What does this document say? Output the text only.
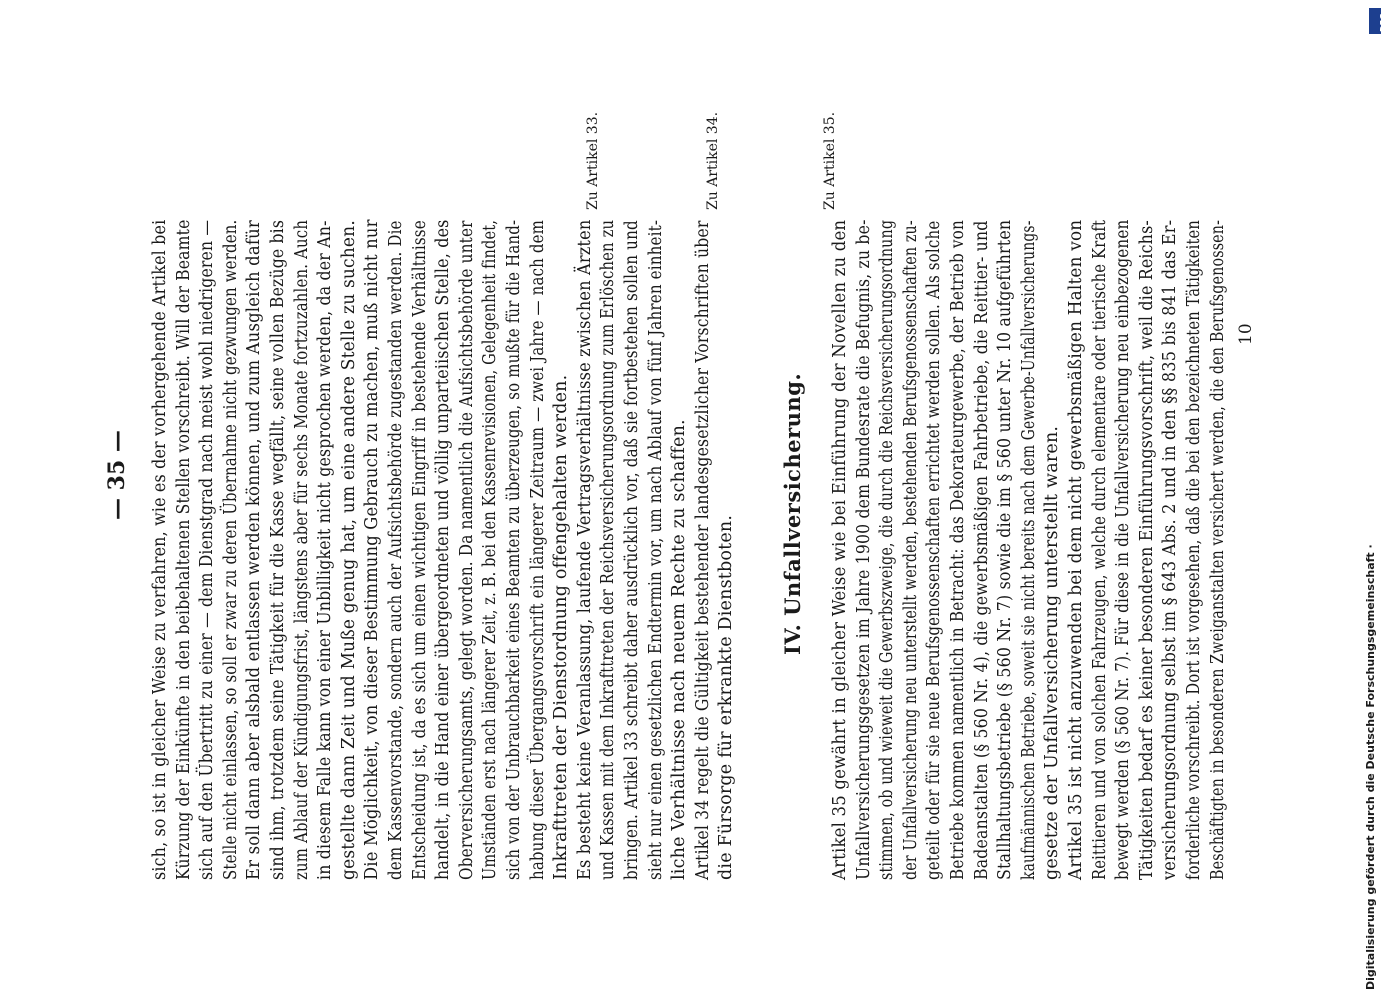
sich, so ist in gleicher Weise zu verfahren, wie es der vorhergehende Artikel bei Kürzung der Einkünfte in den beibehaltenen Stellen vorschreibt. Will der Beamte sich auf den Übertritt zu einer — dem Dienstgrad nach meist wohl niedrigeren — Stelle nicht einlassen, so soll er zwar zu deren Übernahme nicht gezwungen werden. Er soll dann aber alsbald entlassen werden können, und zum Ausgleich dafür sind ihm, trotzdem seine Tätigkeit für die Kasse wegfällt, seine vollen Bezüge bis zum Ablauf der Kündigungsfrist, längstens aber für sechs Monate fortzuzahlen. Auch in diesem Falle kann von einer Unbilligkeit nicht gesprochen werden, da der An- gestellte dann Zeit und Muße genug hat, um eine andere Stelle zu suchen. Die Möglichkeit, von dieser Bestimmung Gebrauch zu machen, muß nicht nur dem Kassenvorstande, sondern auch der Aufsichtsbehörde zugestanden werden. Die Entscheidung ist, da es sich um einen wichtigen Eingriff in bestehende Verhältnisse handelt, in die Hand einer übergeordneten und völlig unparteiischen Stelle, des Oberversicherungsamts, gelegt worden. Da namentlich die Aufsichtsbehörde unter Umständen erst nach längerer Zeit, z. B. bei den Kassenrevisionen, Gelegenheit findet, sich von der Unbrauchbarkeit eines Beamten zu überzeugen, so mußte für die Hand- habung dieser Übergangsvorschrift ein längerer Zeitraum — zwei Jahre — nach dem Inkrafttreten der Dienstordnung offengehalten werden. Es besteht keine Veranlassung, laufende Vertragsverhältnisse zwischen Ärzten und Kassen mit dem Inkrafttreten der Reichsversicherungsordnung zum Erlöschen zu bringen. Artikel 33 schreibt daher ausdrücklich vor, daß sie fortbestehen sollen und sieht nur einen gesetzlichen Endtermin vor, um nach Ablauf von fünf Jahren einheit- liche Verhältnisse nach neuem Rechte zu schaffen. Artikel 34 regelt die Gültigkeit bestehender landesgesetzlicher Vorschriften über die Fürsorge für erkrankte Dienstboten.
— 35 —
Zu Artikel 33.	Zu Artikel 34.
IV. Unfallversicherung.
Zu Artikel 35.
Artikel 35 gewährt in gleicher Weise wie bei Einführung der Novellen zu den Unfallversicherungsgesetzen im Jahre 1900 dem Bundesrate die Befugnis, zu be- stimmen, ob und wieweit die Gewerbszweige, die durch die Reichsversicherungsordnung der Unfallversicherung neu unterstellt werden, bestehenden Berufsgenossenschaften zu- geteilt oder für sie neue Berufsgenossenschaften errichtet werden sollen. Als solche Betriebe kommen namentlich in Betracht: das Dekorateurgewerbe, der Betrieb von Badeanstalten (§ 560 Nr. 4), die gewerbsmäßigen Fahrbetriebe, die Reittier- und Stallhaltungsbetriebe (§ 560 Nr. 7) sowie die im § 560 unter Nr. 10 aufgeführten kaufmännischen Betriebe, soweit sie nicht bereits nach dem Gewerbe-Unfallversicherungs- gesetze der Unfallversicherung unterstellt waren. Artikel 35 ist nicht anzuwenden bei dem nicht gewerbsmäßigen Halten von Reittieren und von solchen Fahrzeugen, welche durch elementare oder tierische Kraft bewegt werden (§ 560 Nr. 7). Für diese in die Unfallversicherung neu einbezogenen Tätigkeiten bedarf es keiner besonderen Einführungsvorschrift, weil die Reichs- versicherungsordnung selbst im § 643 Abs. 2 und in den §§ 835 bis 841 das Er- forderliche vorschreibt. Dort ist vorgesehen, daß die bei den bezeichneten Tätigkeiten Beschäftigten in besonderen Zweiganstalten versichert werden, die den Berufsgenossen- 10
Digitalisierung gefördert durch die Deutsche Forschungsgemeinschaft ·
DFG
